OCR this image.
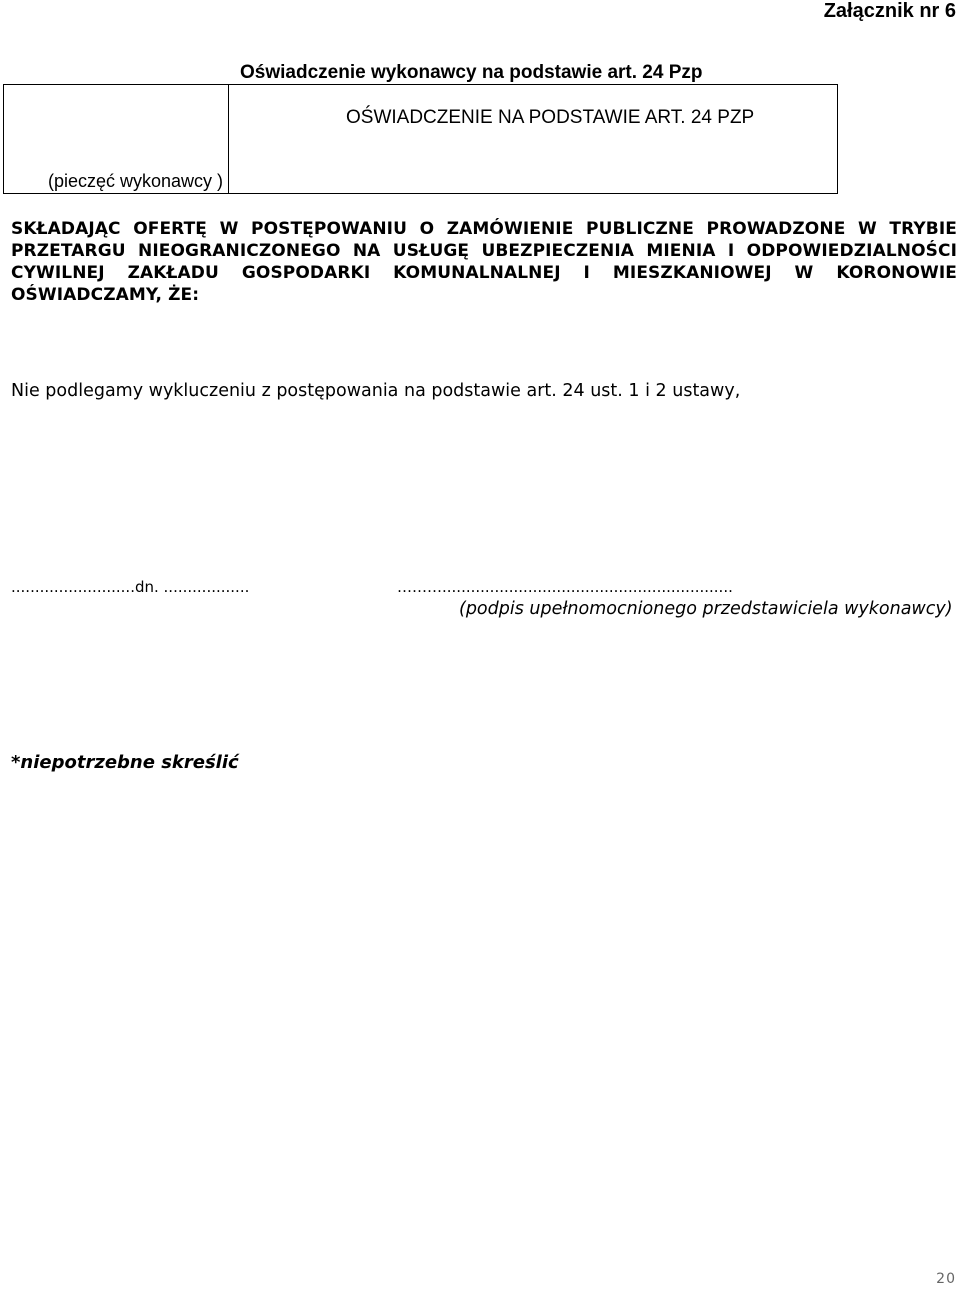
Załącznik nr 6
Oświadczenie wykonawcy na podstawie art. 24 Pzp
(pieczęć wykonawcy )
OŚWIADCZENIE NA PODSTAWIE ART. 24 PZP
SKŁADAJĄC OFERTĘ W POSTĘPOWANIU O ZAMÓWIENIE PUBLICZNE PROWADZONE W TRYBIE PRZETARGU NIEOGRANICZONEGO NA USŁUGĘ UBEZPIECZENIA MIENIA I ODPOWIEDZIALNOŚCI CYWILNEJ ZAKŁADU GOSPODARKI KOMUNALNALNEJ I MIESZKANIOWEJ W KORONOWIE OŚWIADCZAMY, ŻE:
Nie podlegamy wykluczeniu z postępowania na podstawie art. 24 ust. 1 i 2 ustawy,
..........................dn. ..................	……….............................................................
(podpis upełnomocnionego przedstawiciela wykonawcy)
*niepotrzebne skreślić
20
